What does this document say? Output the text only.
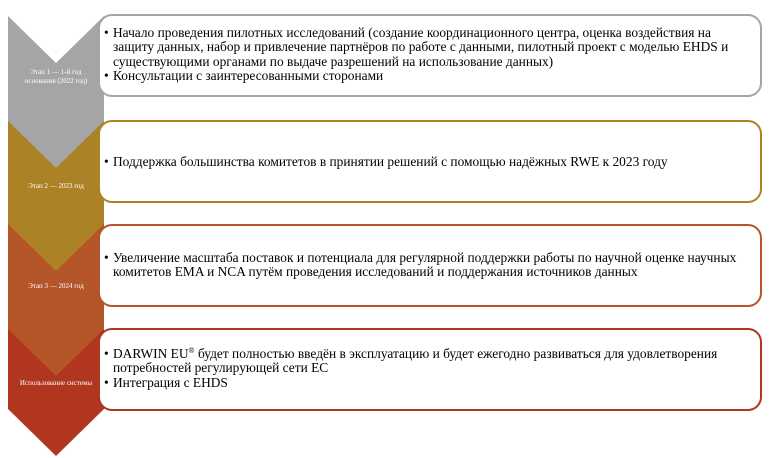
Этап 1 — 1-й год основания (2022 год)
Этап 2 — 2023 год
Этап 3 — 2024 год
Использование системы
• Начало проведения пилотных исследований (создание координационного центра, оценка воздействия на защиту данных, набор и привлечение партнёров по работе с данными, пилотный проект с моделью EHDS и существующими органами по выдаче разрешений на использование данных)
• Консультации с заинтересованными сторонами
• Поддержка большинства комитетов в принятии решений с помощью надёжных RWE к 2023 году
• Увеличение масштаба поставок и потенциала для регулярной поддержки работы по научной оценке научных комитетов EMA и NCA путём проведения исследований и поддержания источников данных
• DARWIN EU® будет полностью введён в эксплуатацию и будет ежегодно развиваться для удовлетворения потребностей регулирующей сети ЕС
• Интеграция с EHDS
